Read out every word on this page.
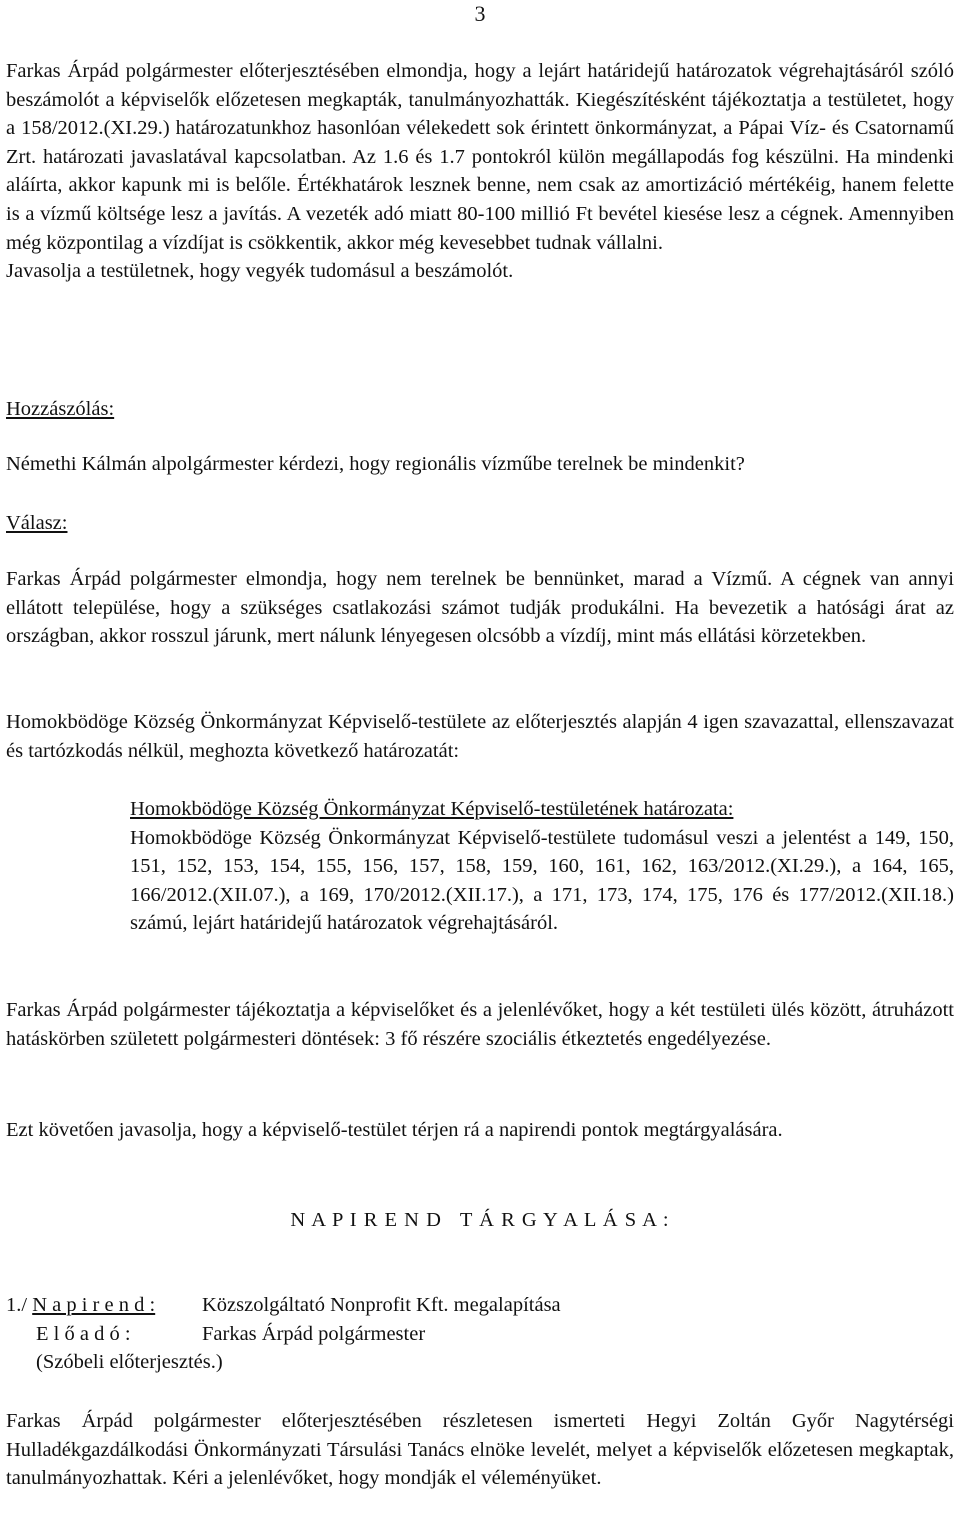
3

Farkas Árpád polgármester előterjesztésében elmondja, hogy a lejárt határidejű határozatok végrehajtásáról szóló beszámolót a képviselők előzetesen megkapták, tanulmányozhatták. Kiegészítésként tájékoztatja a testületet, hogy a 158/2012.(XI.29.) határozatunkhoz hasonlóan vélekedett sok érintett önkormányzat, a Pápai Víz- és Csatornamű Zrt. határozati javaslatával kapcsolatban. Az 1.6 és 1.7 pontokról külön megállapodás fog készülni. Ha mindenki aláírta, akkor kapunk mi is belőle. Értékhatárok lesznek benne, nem csak az amortizáció mértékéig, hanem felette is a vízmű költsége lesz a javítás. A vezeték adó miatt 80-100 millió Ft bevétel kiesése lesz a cégnek. Amennyiben még központilag a vízdíjat is csökkentik, akkor még kevesebbet tudnak vállalni.

Javasolja a testületnek, hogy vegyék tudomásul a beszámolót.

Hozzászólás:
Némethi Kálmán alpolgármester kérdezi, hogy regionális vízműbe terelnek be mindenkit?
Válasz:

Farkas Árpád polgármester elmondja, hogy nem terelnek be bennünket, marad a Vízmű. A cégnek van annyi ellátott települése, hogy a szükséges csatlakozási számot tudják produkálni. Ha bevezetik a hatósági árat az országban, akkor rosszul járunk, mert nálunk lényegesen olcsóbb a vízdíj, mint más ellátási körzetekben.

Homokbödöge Község Önkormányzat Képviselő-testülete az előterjesztés alapján 4 igen szavazattal, ellenszavazat és tartózkodás nélkül, meghozta következő határozatát:

Homokbödöge Község Önkormányzat Képviselő-testületének határozata:

Homokbödöge Község Önkormányzat Képviselő-testülete tudomásul veszi a jelentést a 149, 150, 151, 152, 153, 154, 155, 156, 157, 158, 159, 160, 161, 162, 163/2012.(XI.29.), a 164, 165, 166/2012.(XII.07.), a 169, 170/2012.(XII.17.), a 171, 173, 174, 175, 176 és 177/2012.(XII.18.) számú, lejárt határidejű határozatok végrehajtásáról.

Farkas Árpád polgármester tájékoztatja a képviselőket és a jelenlévőket, hogy a két testületi ülés között, átruházott hatáskörben született polgármesteri döntések: 3 fő részére szociális étkeztetés engedélyezése.

Ezt követően javasolja, hogy a képviselő-testület térjen rá a napirendi pontok megtárgyalására.

N A P I R E N D   T Á R G Y A L Á S A :
1./ N a p i r e n d :	Közszolgáltató Nonprofit Kft. megalapítása
E l ő a d ó :	Farkas Árpád polgármester
(Szóbeli előterjesztés.)

Farkas Árpád polgármester előterjesztésében részletesen ismerteti Hegyi Zoltán Győr Nagytérségi Hulladékgazdálkodási Önkormányzati Társulási Tanács elnöke levelét, melyet a képviselők előzetesen megkaptak, tanulmányozhattak. Kéri a jelenlévőket, hogy mondják el véleményüket.
